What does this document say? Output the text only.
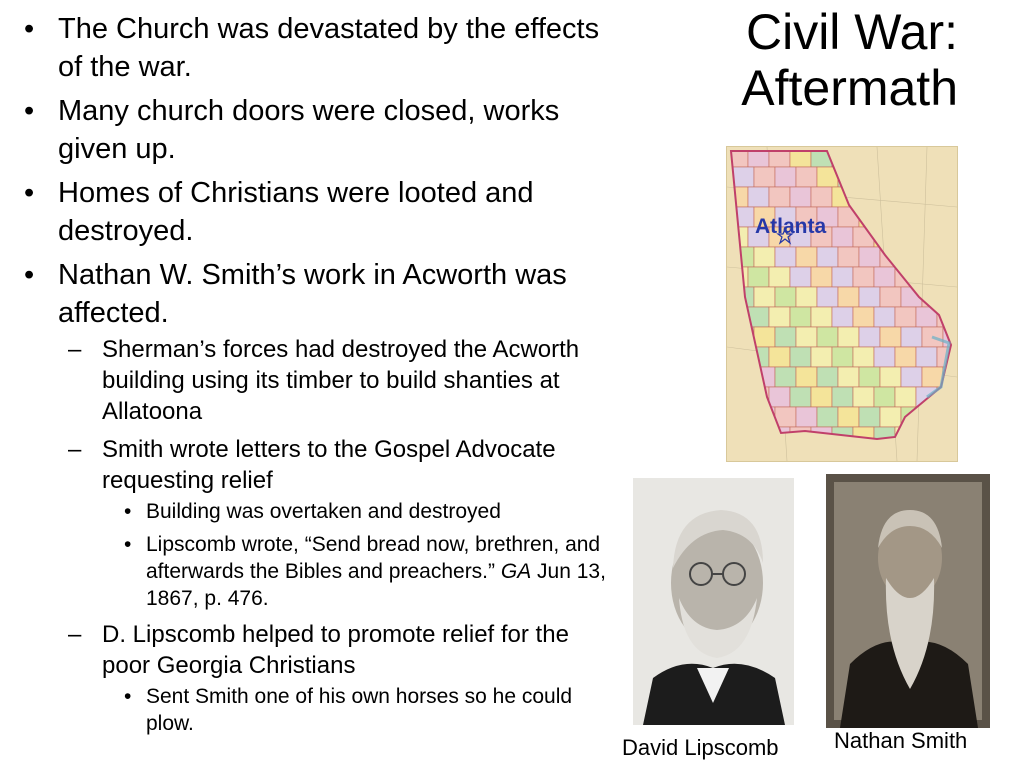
Civil War:
Aftermath
• The Church was devastated by the effects of the war.
• Many church doors were closed, works given up.
• Homes of Christians were looted and destroyed.
• Nathan W. Smith’s work in Acworth was affected.
– Sherman’s forces had destroyed the Acworth building using its timber to build shanties at Allatoona
– Smith wrote letters to the Gospel Advocate requesting relief
• Building was overtaken and destroyed
• Lipscomb wrote, “Send bread now, brethren, and afterwards the Bibles and preachers.” GA Jun 13, 1867, p. 476.
– D. Lipscomb helped to promote relief for the poor Georgia Christians
• Sent Smith one of his own horses so he could plow.
Atlanta
David Lipscomb	Nathan Smith
